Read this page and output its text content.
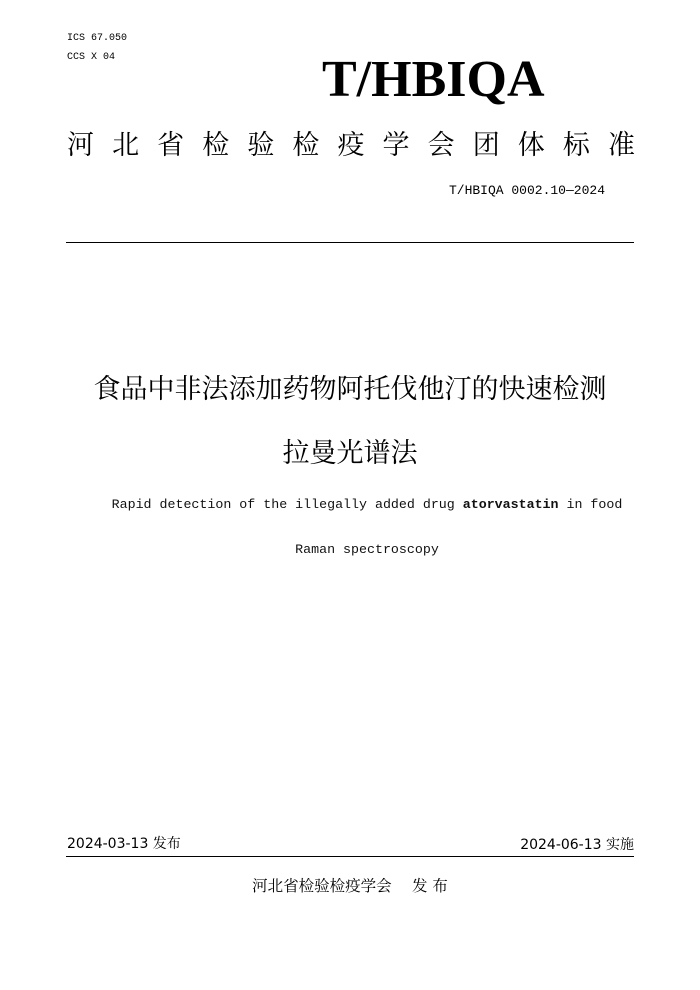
ICS 67.050
CCS X 04	T/HBIQA
河 北 省 检 验 检 疫 学 会 团 体 标 准
T/HBIQA 0002.10—2024
食品中非法添加药物阿托伐他汀的快速检测
拉曼光谱法
Rapid detection of the illegally added drug atorvastatin in food
Raman spectroscopy
2024-03-13 发布	2024-06-13 实施
河北省检验检疫学会　 发 布
